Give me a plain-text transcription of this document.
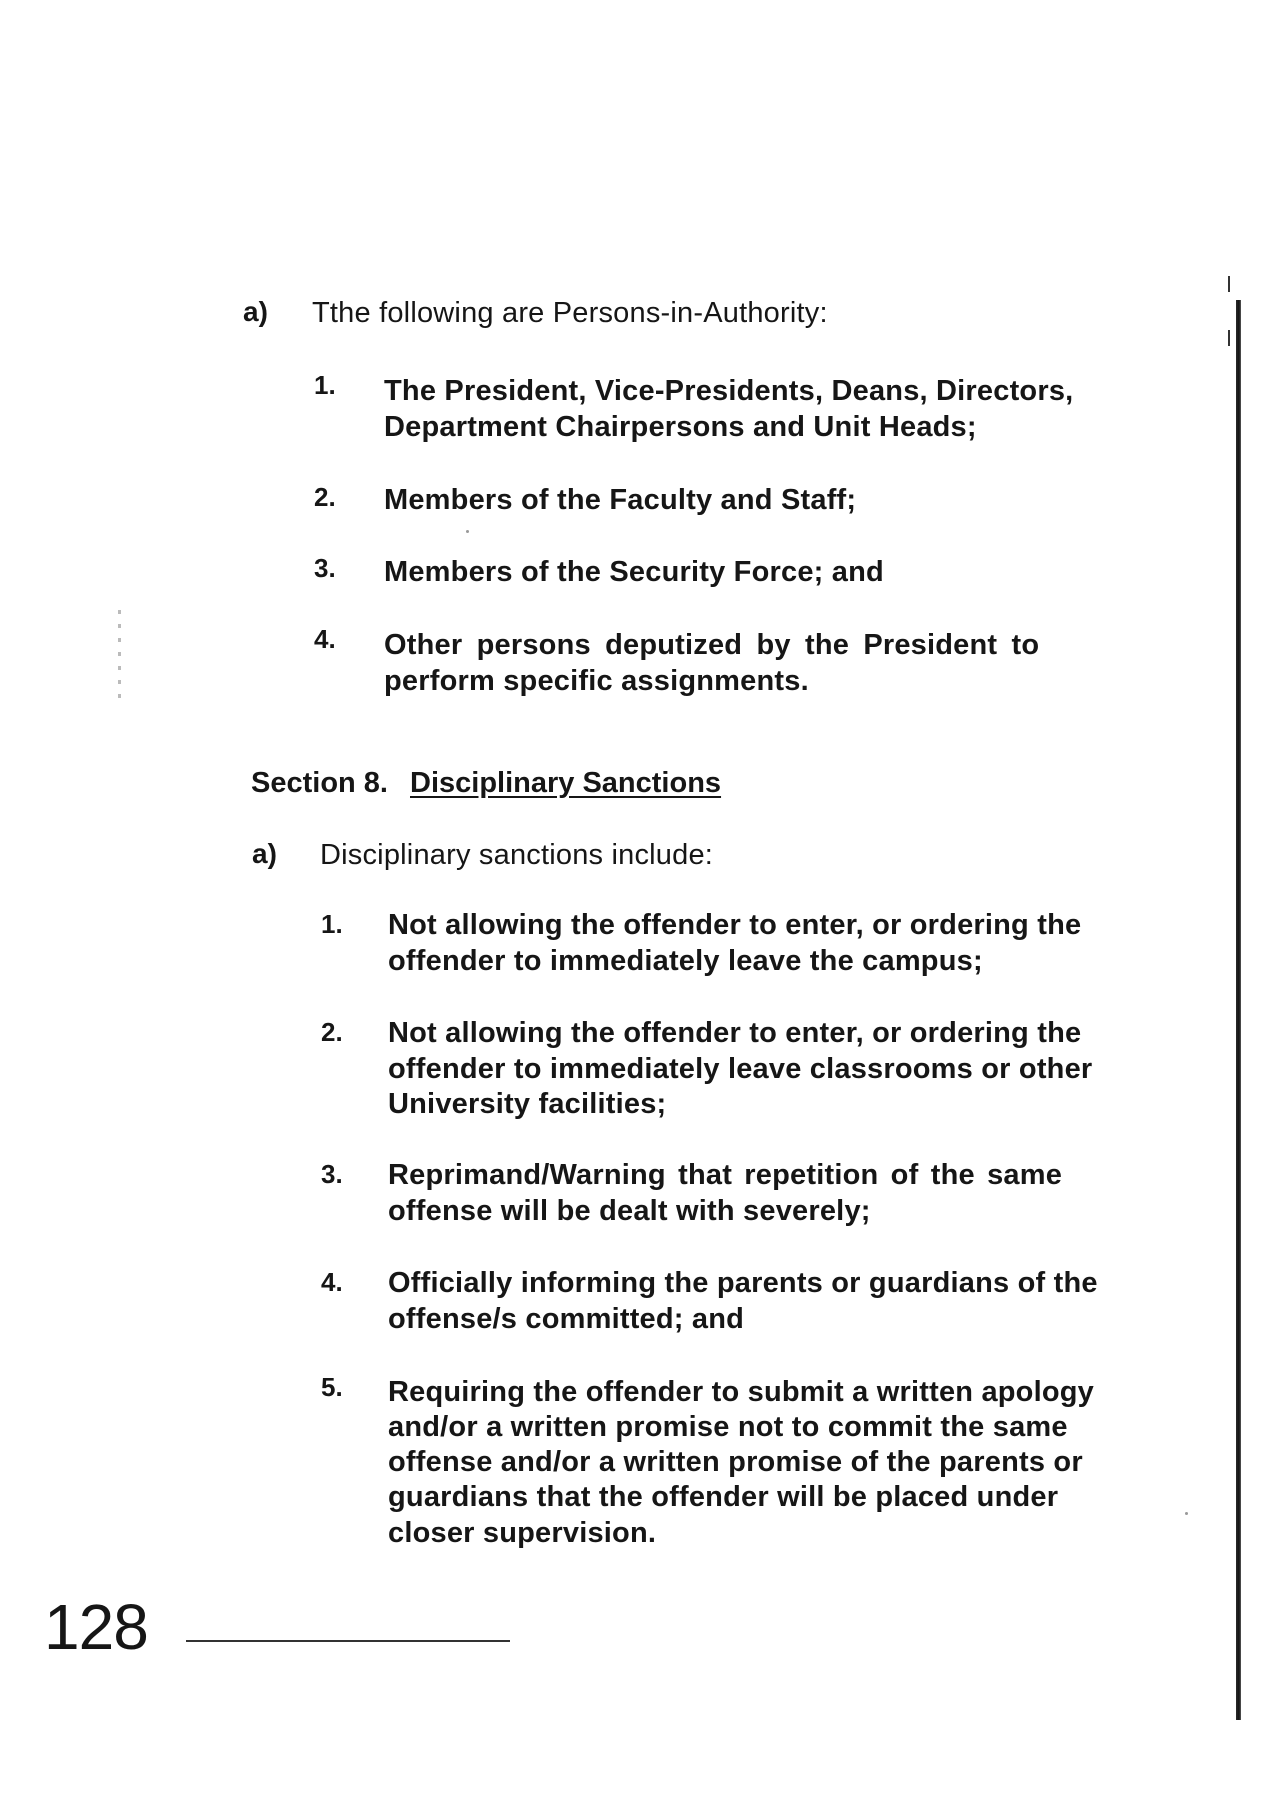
a) Tthe following are Persons-in-Authority:
1. The President, Vice-Presidents, Deans, Directors,
Department Chairpersons and Unit Heads;
2. Members of the Faculty and Staff;
3. Members of the Security Force; and
4. Other persons deputized by the President to
perform specific assignments.
Section 8. Disciplinary Sanctions
a) Disciplinary sanctions include:
1. Not allowing the offender to enter, or ordering the
offender to immediately leave the campus;
2. Not allowing the offender to enter, or ordering the
offender to immediately leave classrooms or other
University facilities;
3. Reprimand/Warning that repetition of the same
offense will be dealt with severely;
4. Officially informing the parents or guardians of the
offense/s committed; and
5. Requiring the offender to submit a written apology
and/or a written promise not to commit the same
offense and/or a written promise of the parents or
guardians that the offender will be placed under
closer supervision.
128
